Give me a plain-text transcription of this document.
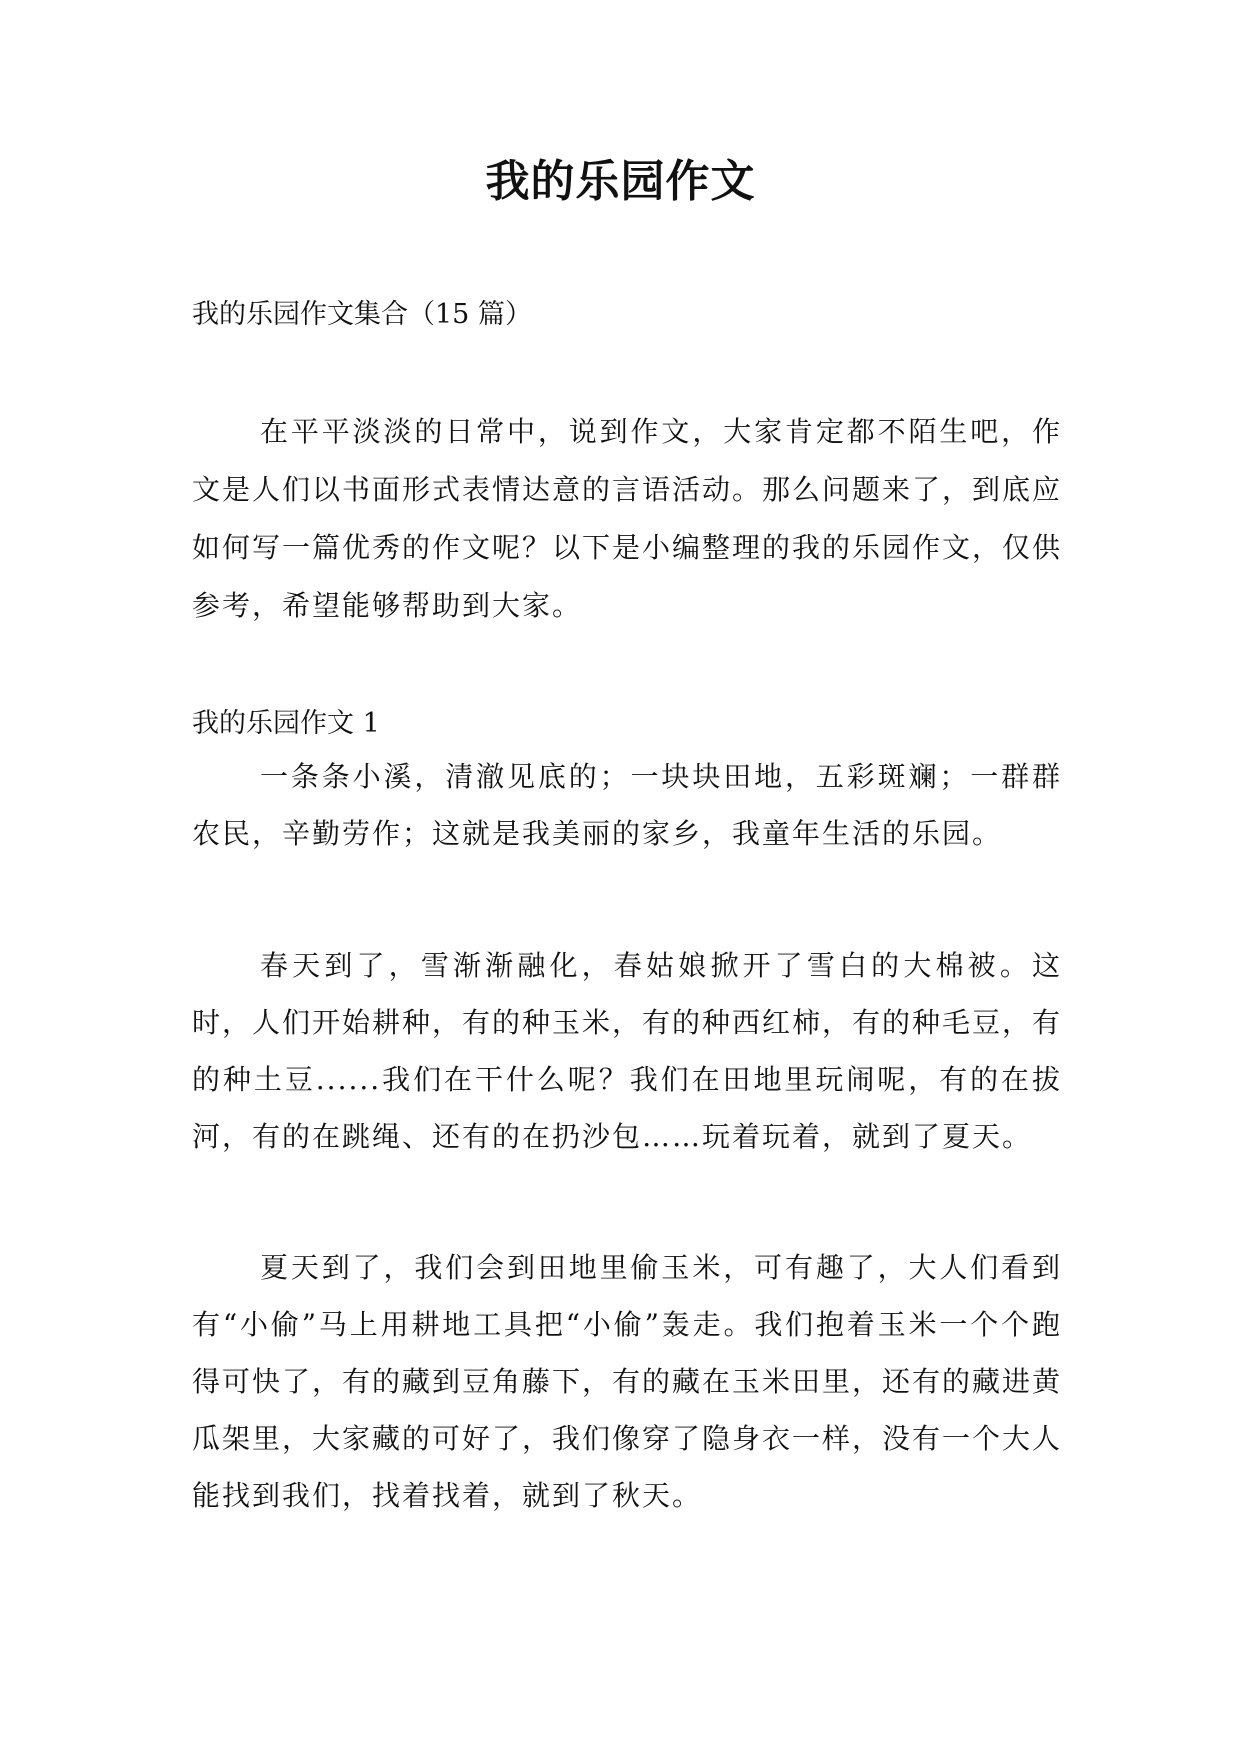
我的乐园作文
我的乐园作文集合（15 篇）
在平平淡淡的日常中，说到作文，大家肯定都不陌生吧，作文是人们以书面形式表情达意的言语活动。那么问题来了，到底应如何写一篇优秀的作文呢？以下是小编整理的我的乐园作文，仅供参考，希望能够帮助到大家。
我的乐园作文 1
一条条小溪，清澈见底的；一块块田地，五彩斑斓；一群群农民，辛勤劳作；这就是我美丽的家乡，我童年生活的乐园。
春天到了，雪渐渐融化，春姑娘掀开了雪白的大棉被。这时，人们开始耕种，有的种玉米，有的种西红柿，有的种毛豆，有的种土豆......我们在干什么呢？我们在田地里玩闹呢，有的在拔河，有的在跳绳、还有的在扔沙包……玩着玩着，就到了夏天。
夏天到了，我们会到田地里偷玉米，可有趣了，大人们看到有“小偷”马上用耕地工具把“小偷”轰走。我们抱着玉米一个个跑得可快了，有的藏到豆角藤下，有的藏在玉米田里，还有的藏进黄瓜架里，大家藏的可好了，我们像穿了隐身衣一样，没有一个大人能找到我们，找着找着，就到了秋天。
